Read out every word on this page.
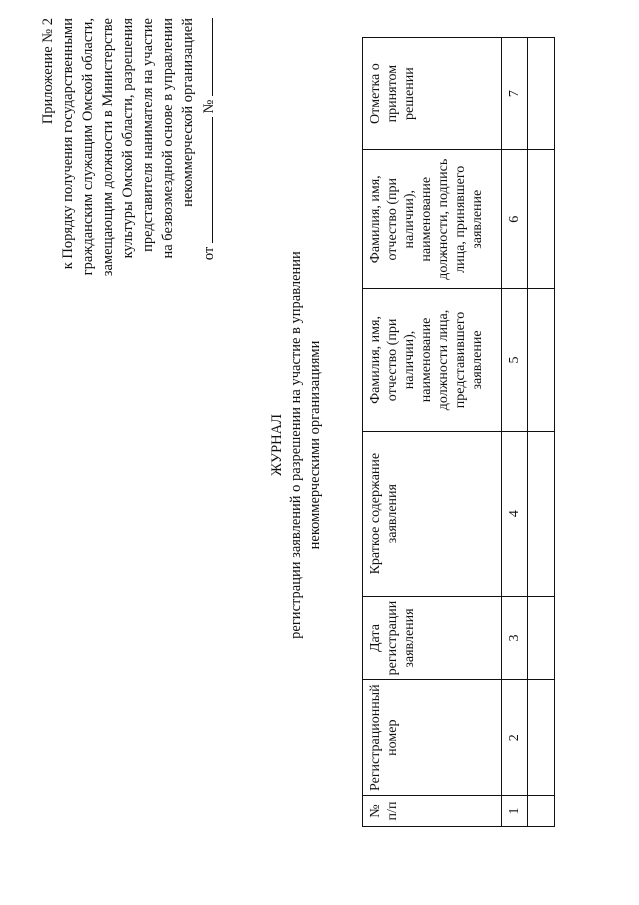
Приложение № 2 к Порядку получения государственными гражданским служащим Омской области, замещающим должности в Министерстве культуры Омской области, разрешения представителя нанимателя на участие на безвозмездной основе в управлении некоммерческой организацией
от  №
ЖУРНАЛ регистрации заявлений о разрешении на участие в управлении некоммерческими организациями
№ п/п	Регистрационный номер	Дата регистрации заявления	Краткое содержание заявления	Фамилия, имя, отчество (при наличии), наименование должности лица, представившего заявление	Фамилия, имя, отчество (при наличии), наименование должности, подпись лица, принявшего заявление	Отметка о принятом решении
1	2	3	4	5	6	7
